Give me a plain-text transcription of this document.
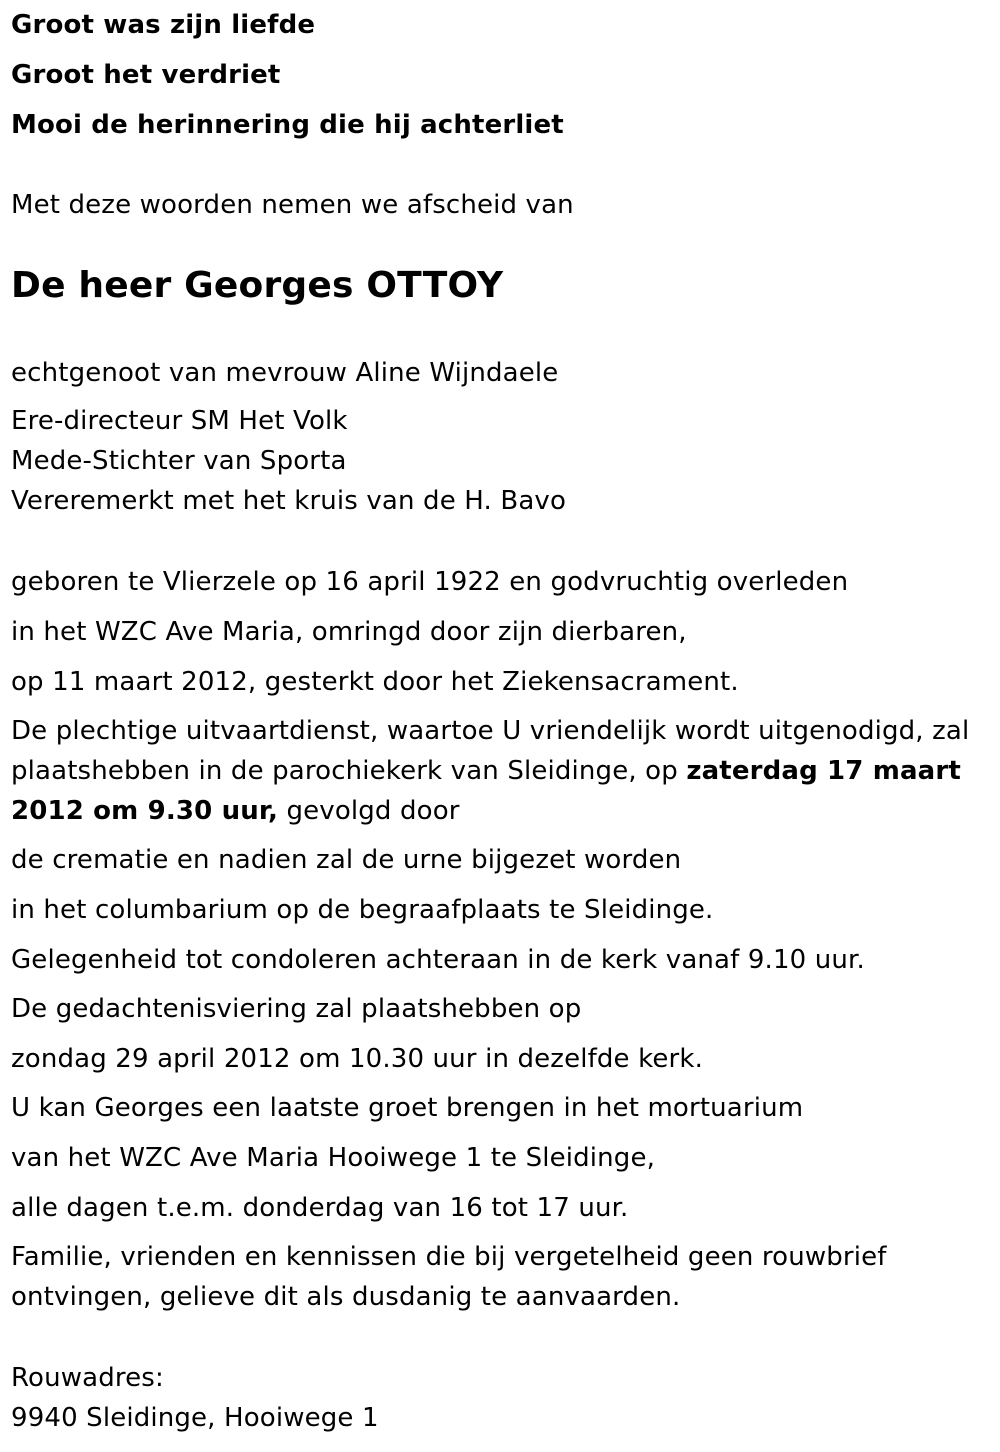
Groot was zijn liefde
Groot het verdriet
Mooi de herinnering die hij achterliet
Met deze woorden nemen we afscheid van
De heer Georges OTTOY
echtgenoot van mevrouw Aline Wijndaele
Ere-directeur SM Het Volk
Mede-Stichter van Sporta
Vereremerkt met het kruis van de H. Bavo
geboren te Vlierzele op 16 april 1922 en godvruchtig overleden
in het WZC Ave Maria, omringd door zijn dierbaren,
op 11 maart 2012, gesterkt door het Ziekensacrament.
De plechtige uitvaartdienst, waartoe U vriendelijk wordt uitgenodigd, zal
plaatshebben in de parochiekerk van Sleidinge, op zaterdag 17 maart
2012 om 9.30 uur, gevolgd door
de crematie en nadien zal de urne bijgezet worden
in het columbarium op de begraafplaats te Sleidinge.
Gelegenheid tot condoleren achteraan in de kerk vanaf 9.10 uur.
De gedachtenisviering zal plaatshebben op
zondag 29 april 2012 om 10.30 uur in dezelfde kerk.
U kan Georges een laatste groet brengen in het mortuarium
van het WZC Ave Maria Hooiwege 1 te Sleidinge,
alle dagen t.e.m. donderdag van 16 tot 17 uur.
Familie, vrienden en kennissen die bij vergetelheid geen rouwbrief
ontvingen, gelieve dit als dusdanig te aanvaarden.
Rouwadres:
9940 Sleidinge, Hooiwege 1
